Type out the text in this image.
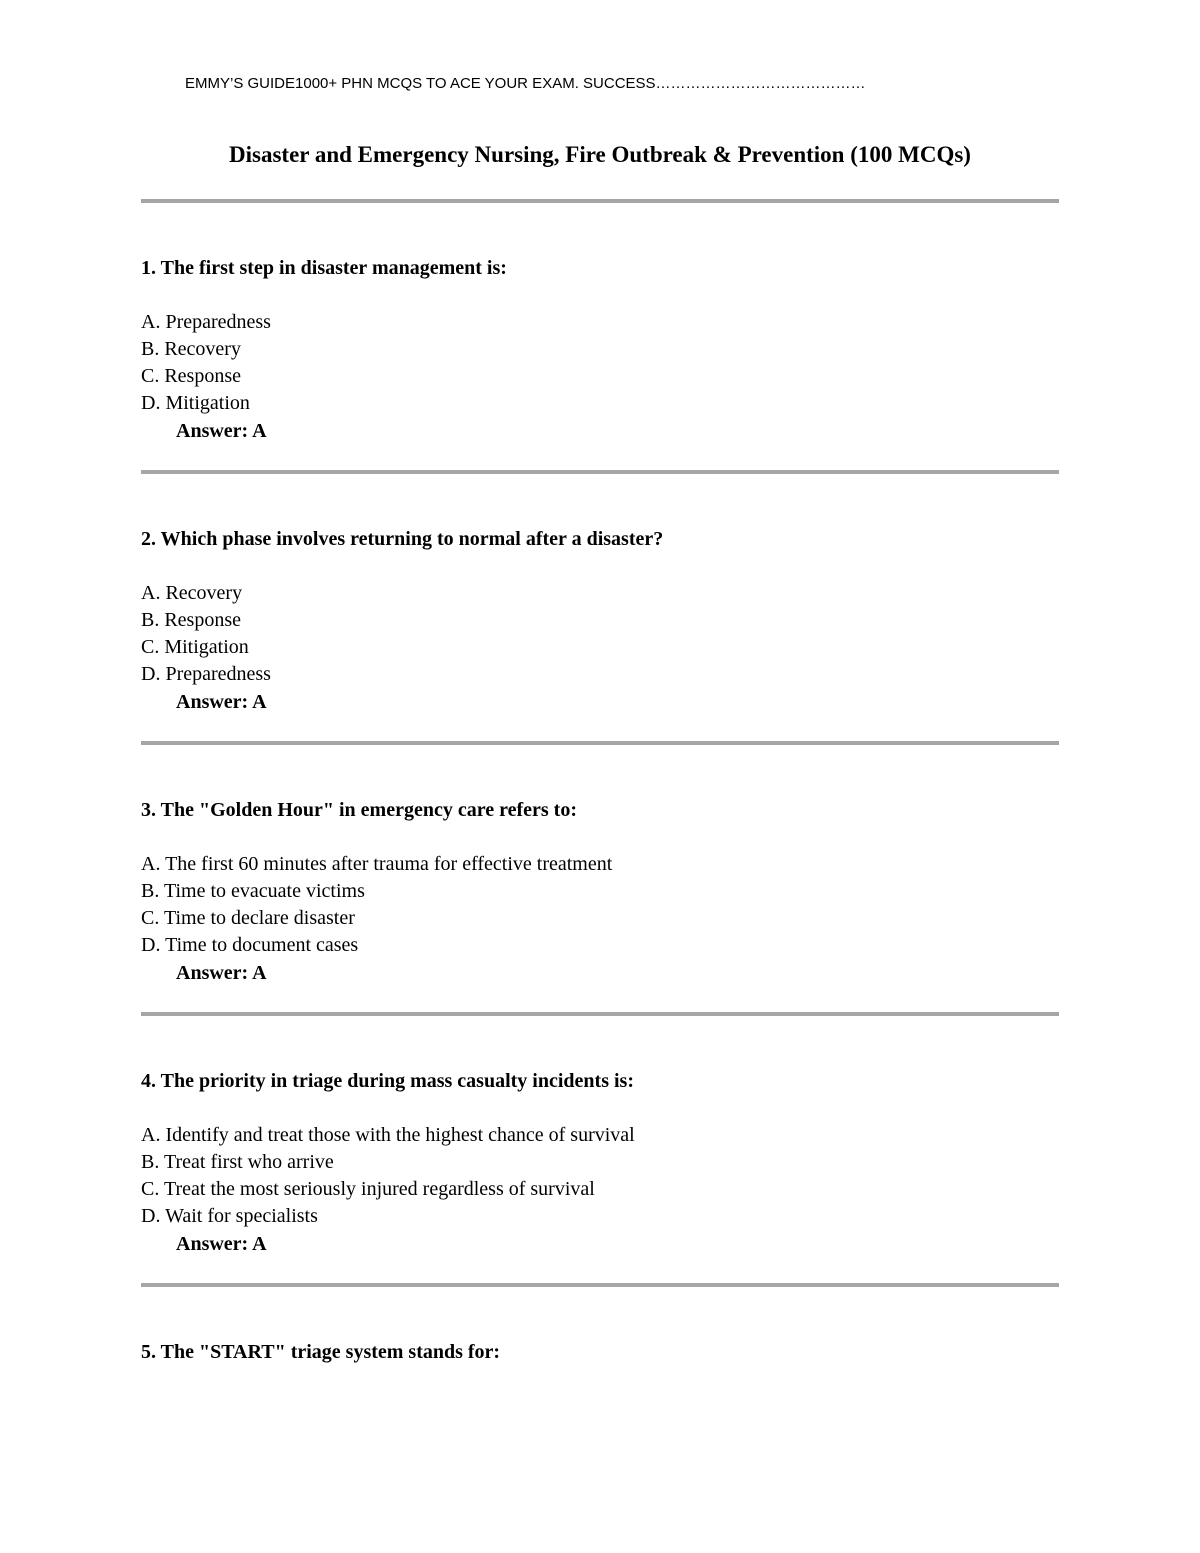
EMMY’S GUIDE1000+ PHN MCQS TO ACE YOUR EXAM. SUCCESS……………………………………
Disaster and Emergency Nursing, Fire Outbreak & Prevention (100 MCQs)
1. The first step in disaster management is:
A. Preparedness
B. Recovery
C. Response
D. Mitigation
Answer: A
2. Which phase involves returning to normal after a disaster?
A. Recovery
B. Response
C. Mitigation
D. Preparedness
Answer: A
3. The "Golden Hour" in emergency care refers to:
A. The first 60 minutes after trauma for effective treatment
B. Time to evacuate victims
C. Time to declare disaster
D. Time to document cases
Answer: A
4. The priority in triage during mass casualty incidents is:
A. Identify and treat those with the highest chance of survival
B. Treat first who arrive
C. Treat the most seriously injured regardless of survival
D. Wait for specialists
Answer: A
5. The "START" triage system stands for:
